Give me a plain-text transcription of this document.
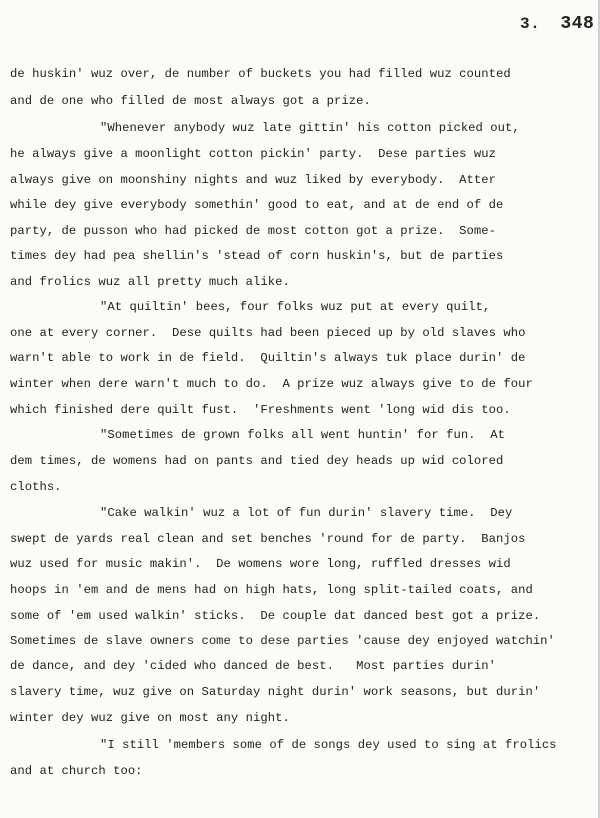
3. 348
de huskin' wuz over, de number of buckets you had filled wuz counted
and de one who filled de most always got a prize.
"Whenever anybody wuz late gittin' his cotton picked out,
he always give a moonlight cotton pickin' party.  Dese parties wuz
always give on moonshiny nights and wuz liked by everybody.  Atter
while dey give everybody somethin' good to eat, and at de end of de
party, de pusson who had picked de most cotton got a prize.  Some-
times dey had pea shellin's 'stead of corn huskin's, but de parties
and frolics wuz all pretty much alike.
"At quiltin' bees, four folks wuz put at every quilt,
one at every corner.  Dese quilts had been pieced up by old slaves who
warn't able to work in de field.  Quiltin's always tuk place durin' de
winter when dere warn't much to do.  A prize wuz always give to de four
which finished dere quilt fust.  'Freshments went 'long wid dis too.
"Sometimes de grown folks all went huntin' for fun.  At
dem times, de womens had on pants and tied dey heads up wid colored
cloths.
"Cake walkin' wuz a lot of fun durin' slavery time.  Dey
swept de yards real clean and set benches 'round for de party.  Banjos
wuz used for music makin'.  De womens wore long, ruffled dresses wid
hoops in 'em and de mens had on high hats, long split-tailed coats, and
some of 'em used walkin' sticks.  De couple dat danced best got a prize.
Sometimes de slave owners come to dese parties 'cause dey enjoyed watchin'
de dance, and dey 'cided who danced de best.   Most parties durin'
slavery time, wuz give on Saturday night durin' work seasons, but durin'
winter dey wuz give on most any night.
"I still 'members some of de songs dey used to sing at frolics
and at church too:
